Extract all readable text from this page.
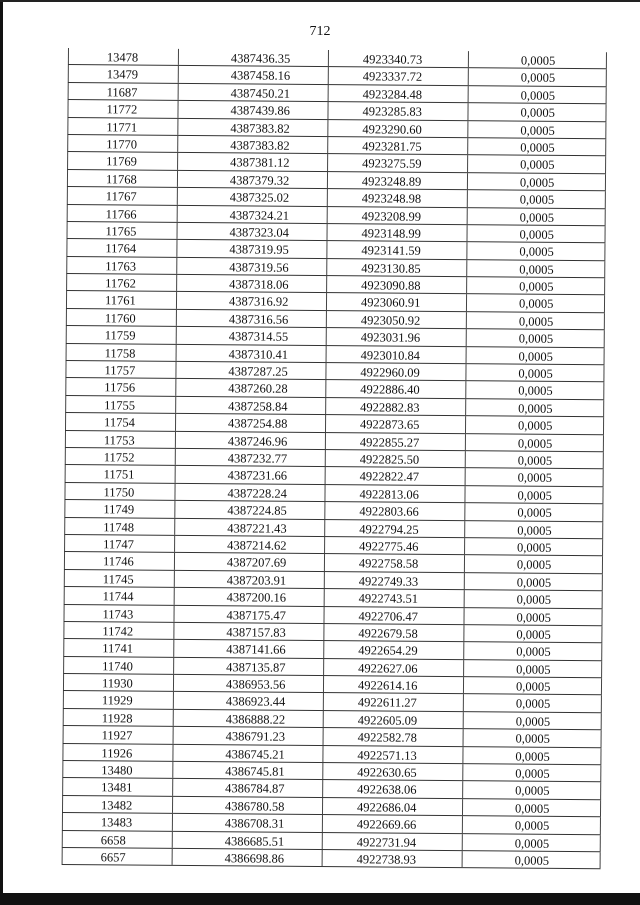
712
13478	4387436.35	4923340.73	0,0005
13479	4387458.16	4923337.72	0,0005
11687	4387450.21	4923284.48	0,0005
11772	4387439.86	4923285.83	0,0005
11771	4387383.82	4923290.60	0,0005
11770	4387383.82	4923281.75	0,0005
11769	4387381.12	4923275.59	0,0005
11768	4387379.32	4923248.89	0,0005
11767	4387325.02	4923248.98	0,0005
11766	4387324.21	4923208.99	0,0005
11765	4387323.04	4923148.99	0,0005
11764	4387319.95	4923141.59	0,0005
11763	4387319.56	4923130.85	0,0005
11762	4387318.06	4923090.88	0,0005
11761	4387316.92	4923060.91	0,0005
11760	4387316.56	4923050.92	0,0005
11759	4387314.55	4923031.96	0,0005
11758	4387310.41	4923010.84	0,0005
11757	4387287.25	4922960.09	0,0005
11756	4387260.28	4922886.40	0,0005
11755	4387258.84	4922882.83	0,0005
11754	4387254.88	4922873.65	0,0005
11753	4387246.96	4922855.27	0,0005
11752	4387232.77	4922825.50	0,0005
11751	4387231.66	4922822.47	0,0005
11750	4387228.24	4922813.06	0,0005
11749	4387224.85	4922803.66	0,0005
11748	4387221.43	4922794.25	0,0005
11747	4387214.62	4922775.46	0,0005
11746	4387207.69	4922758.58	0,0005
11745	4387203.91	4922749.33	0,0005
11744	4387200.16	4922743.51	0,0005
11743	4387175.47	4922706.47	0,0005
11742	4387157.83	4922679.58	0,0005
11741	4387141.66	4922654.29	0,0005
11740	4387135.87	4922627.06	0,0005
11930	4386953.56	4922614.16	0,0005
11929	4386923.44	4922611.27	0,0005
11928	4386888.22	4922605.09	0,0005
11927	4386791.23	4922582.78	0,0005
11926	4386745.21	4922571.13	0,0005
13480	4386745.81	4922630.65	0,0005
13481	4386784.87	4922638.06	0,0005
13482	4386780.58	4922686.04	0,0005
13483	4386708.31	4922669.66	0,0005
6658	4386685.51	4922731.94	0,0005
6657	4386698.86	4922738.93	0,0005
